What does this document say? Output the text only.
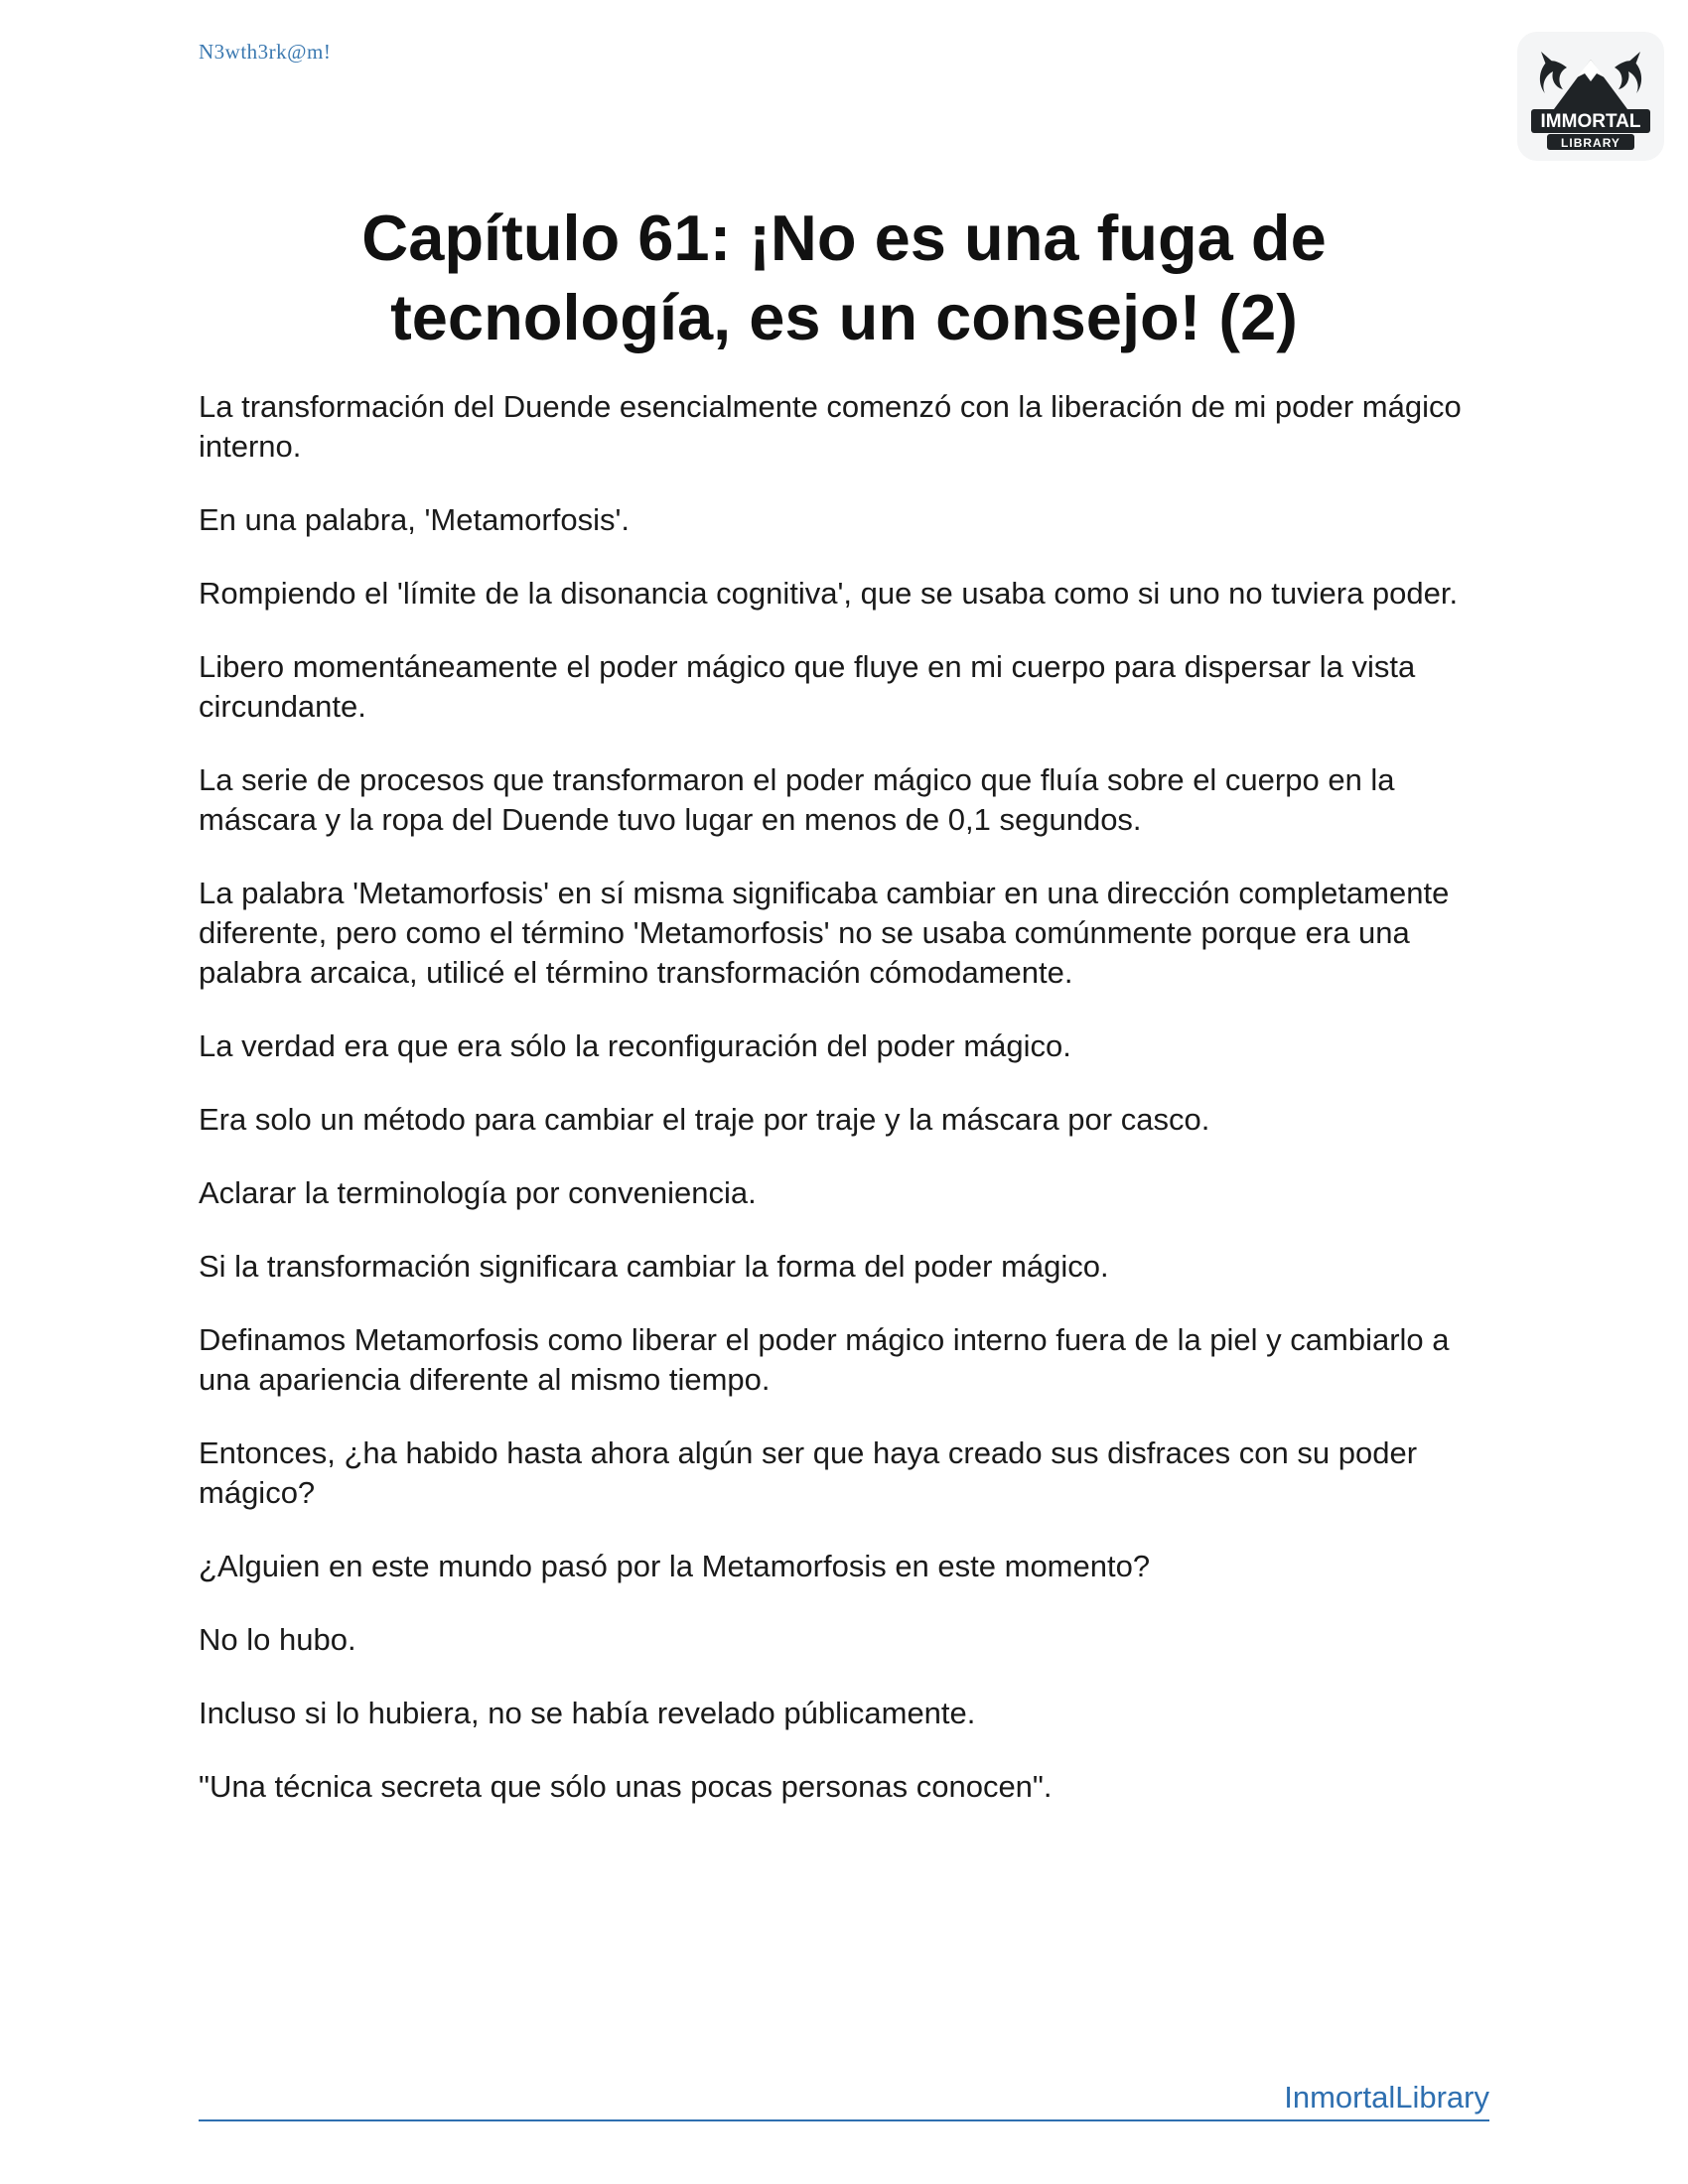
N3wth3rk@m!
IMMORTAL
LIBRARY
Capítulo 61: ¡No es una fuga de tecnología, es un consejo! (2)

La transformación del Duende esencialmente comenzó con la liberación de mi poder mágico interno.

En una palabra, 'Metamorfosis'.

Rompiendo el 'límite de la disonancia cognitiva', que se usaba como si uno no tuviera poder.

Libero momentáneamente el poder mágico que fluye en mi cuerpo para dispersar la vista circundante.

La serie de procesos que transformaron el poder mágico que fluía sobre el cuerpo en la máscara y la ropa del Duende tuvo lugar en menos de 0,1 segundos.

La palabra 'Metamorfosis' en sí misma significaba cambiar en una dirección completamente diferente, pero como el término 'Metamorfosis' no se usaba comúnmente porque era una palabra arcaica, utilicé el término transformación cómodamente.

La verdad era que era sólo la reconfiguración del poder mágico.

Era solo un método para cambiar el traje por traje y la máscara por casco.

Aclarar la terminología por conveniencia.

Si la transformación significara cambiar la forma del poder mágico.

Definamos Metamorfosis como liberar el poder mágico interno fuera de la piel y cambiarlo a una apariencia diferente al mismo tiempo.

Entonces, ¿ha habido hasta ahora algún ser que haya creado sus disfraces con su poder mágico?

¿Alguien en este mundo pasó por la Metamorfosis en este momento?

No lo hubo.

Incluso si lo hubiera, no se había revelado públicamente.

"Una técnica secreta que sólo unas pocas personas conocen".

InmortalLibrary
